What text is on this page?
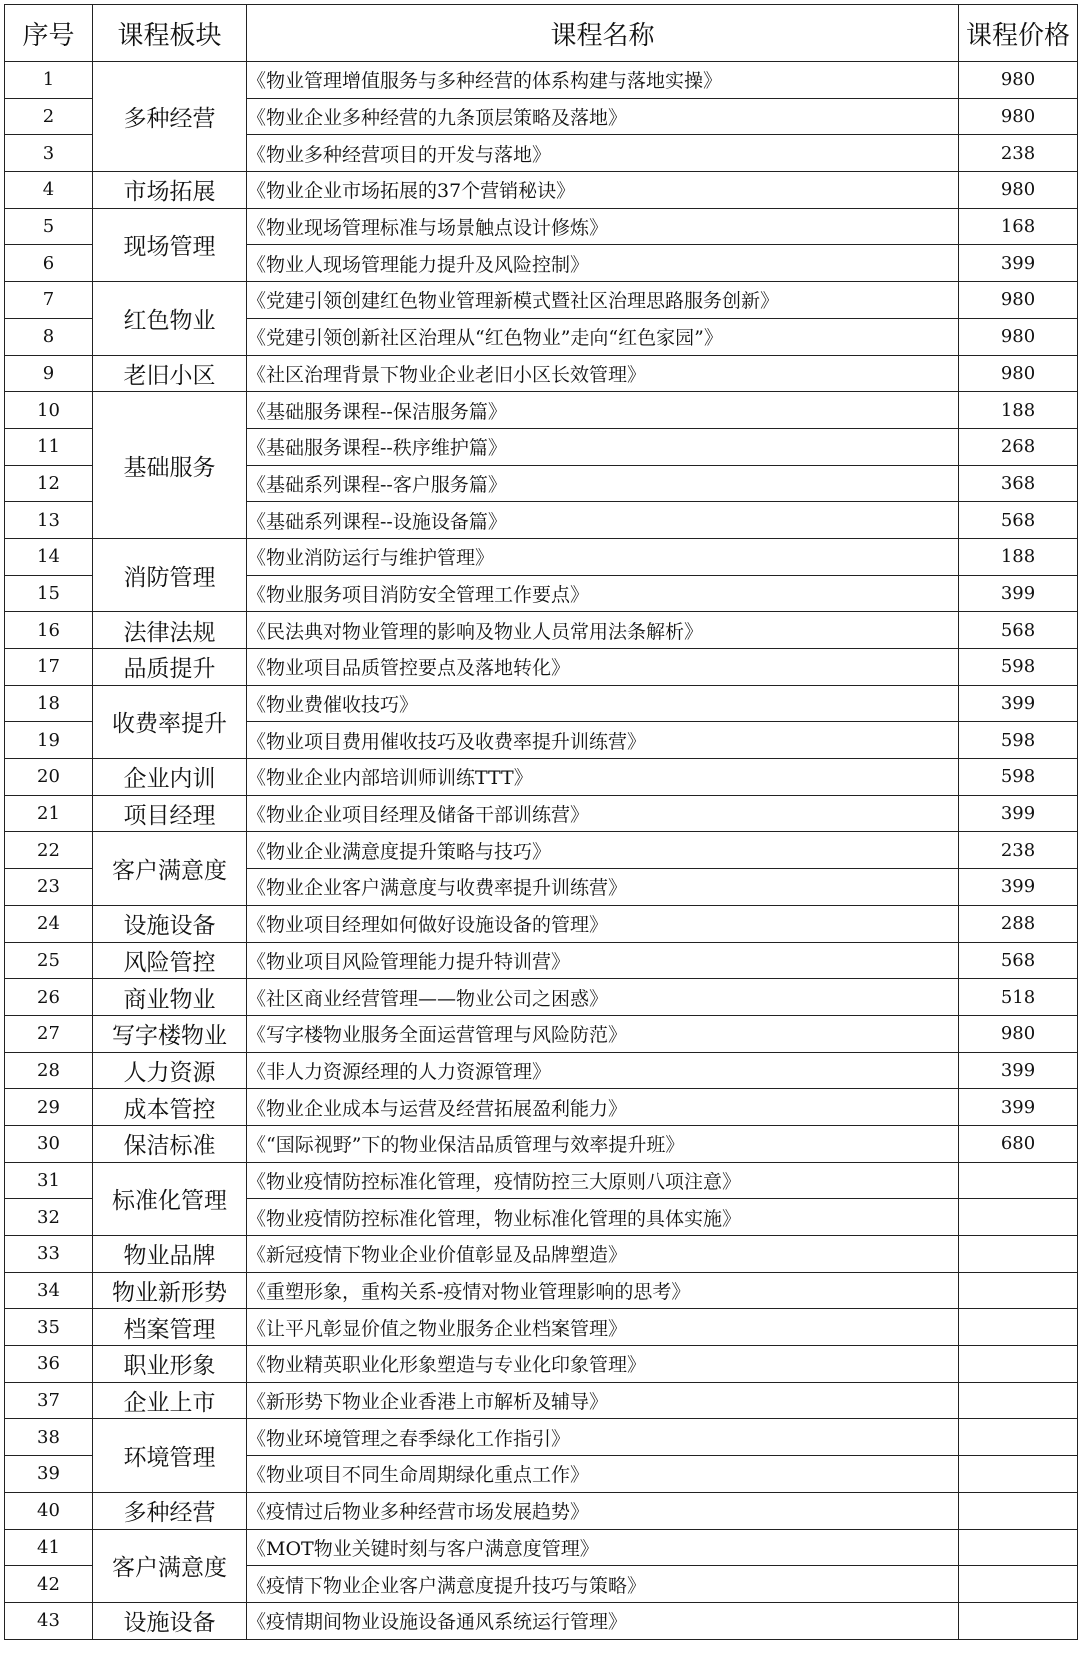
序号	课程板块	课程名称	课程价格
1	多种经营	《物业管理增值服务与多种经营的体系构建与落地实操》	980
2		《物业企业多种经营的九条顶层策略及落地》	980
3		《物业多种经营项目的开发与落地》	238
4	市场拓展	《物业企业市场拓展的37个营销秘诀》	980
5	现场管理	《物业现场管理标准与场景触点设计修炼》	168
6		《物业人现场管理能力提升及风险控制》	399
7	红色物业	《党建引领创建红色物业管理新模式暨社区治理思路服务创新》	980
8		《党建引领创新社区治理从“红色物业”走向“红色家园”》	980
9	老旧小区	《社区治理背景下物业企业老旧小区长效管理》	980
10	基础服务	《基础服务课程--保洁服务篇》	188
11		《基础服务课程--秩序维护篇》	268
12		《基础系列课程--客户服务篇》	368
13		《基础系列课程--设施设备篇》	568
14	消防管理	《物业消防运行与维护管理》	188
15		《物业服务项目消防安全管理工作要点》	399
16	法律法规	《民法典对物业管理的影响及物业人员常用法条解析》	568
17	品质提升	《物业项目品质管控要点及落地转化》	598
18	收费率提升	《物业费催收技巧》	399
19		《物业项目费用催收技巧及收费率提升训练营》	598
20	企业内训	《物业企业内部培训师训练TTT》	598
21	项目经理	《物业企业项目经理及储备干部训练营》	399
22	客户满意度	《物业企业满意度提升策略与技巧》	238
23		《物业企业客户满意度与收费率提升训练营》	399
24	设施设备	《物业项目经理如何做好设施设备的管理》	288
25	风险管控	《物业项目风险管理能力提升特训营》	568
26	商业物业	《社区商业经营管理——物业公司之困惑》	518
27	写字楼物业	《写字楼物业服务全面运营管理与风险防范》	980
28	人力资源	《非人力资源经理的人力资源管理》	399
29	成本管控	《物业企业成本与运营及经营拓展盈利能力》	399
30	保洁标准	《“国际视野”下的物业保洁品质管理与效率提升班》	680
31	标准化管理	《物业疫情防控标准化管理，疫情防控三大原则八项注意》	
32		《物业疫情防控标准化管理，物业标准化管理的具体实施》	
33	物业品牌	《新冠疫情下物业企业价值彰显及品牌塑造》	
34	物业新形势	《重塑形象，重构关系-疫情对物业管理影响的思考》	
35	档案管理	《让平凡彰显价值之物业服务企业档案管理》	
36	职业形象	《物业精英职业化形象塑造与专业化印象管理》	
37	企业上市	《新形势下物业企业香港上市解析及辅导》	
38	环境管理	《物业环境管理之春季绿化工作指引》	
39		《物业项目不同生命周期绿化重点工作》	
40	多种经营	《疫情过后物业多种经营市场发展趋势》	
41	客户满意度	《MOT物业关键时刻与客户满意度管理》	
42		《疫情下物业企业客户满意度提升技巧与策略》	
43	设施设备	《疫情期间物业设施设备通风系统运行管理》	
